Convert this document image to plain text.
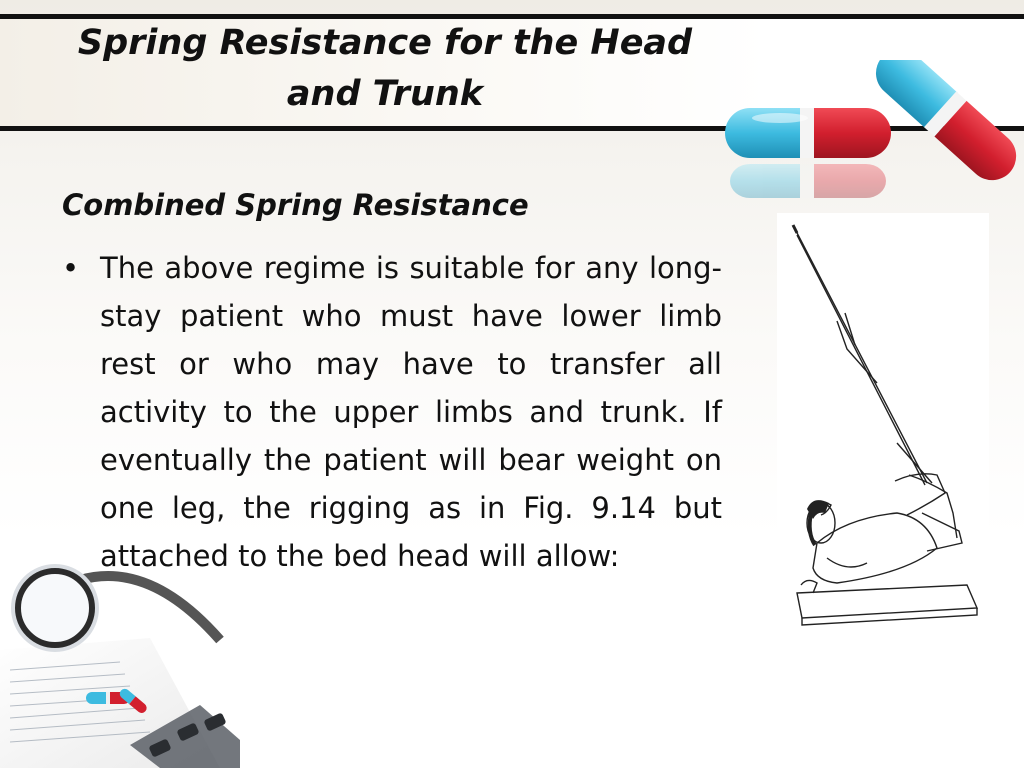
Spring Resistance for the Head and Trunk
Combined Spring Resistance
• The above regime is suitable for any long-stay patient who must have lower limb rest or who may have to transfer all activity to the upper limbs and trunk. If eventually the patient will bear weight on one leg, the rigging as in Fig. 9.14 but attached to the bed head will allow:
